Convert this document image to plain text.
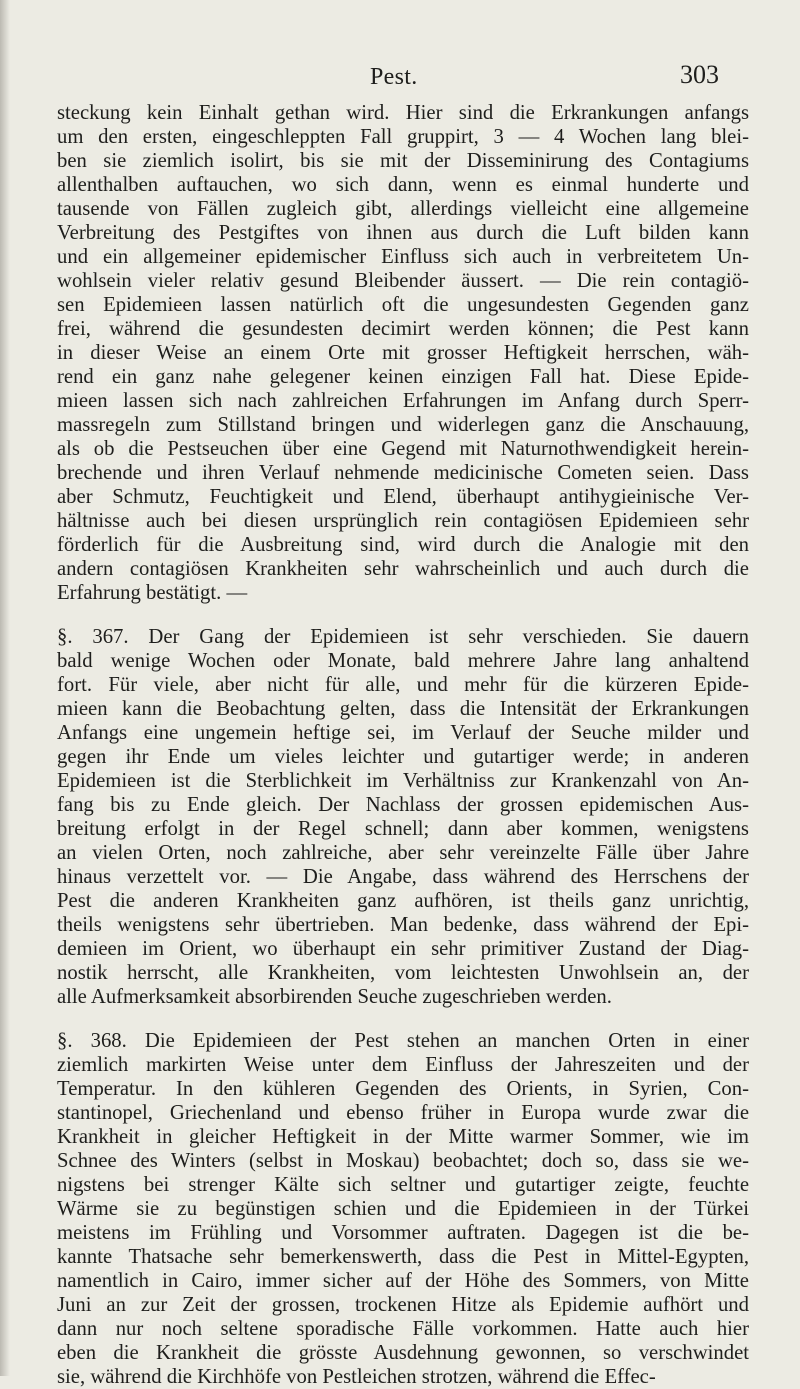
Pest.	303
steckung kein Einhalt gethan wird. Hier sind die Erkrankungen anfangs
um den ersten, eingeschleppten Fall gruppirt, 3 — 4 Wochen lang blei-
ben sie ziemlich isolirt, bis sie mit der Disseminirung des Contagiums
allenthalben auftauchen, wo sich dann, wenn es einmal hunderte und
tausende von Fällen zugleich gibt, allerdings vielleicht eine allgemeine
Verbreitung des Pestgiftes von ihnen aus durch die Luft bilden kann
und ein allgemeiner epidemischer Einfluss sich auch in verbreitetem Un-
wohlsein vieler relativ gesund Bleibender äussert. — Die rein contagiö-
sen Epidemieen lassen natürlich oft die ungesundesten Gegenden ganz
frei, während die gesundesten decimirt werden können; die Pest kann
in dieser Weise an einem Orte mit grosser Heftigkeit herrschen, wäh-
rend ein ganz nahe gelegener keinen einzigen Fall hat. Diese Epide-
mieen lassen sich nach zahlreichen Erfahrungen im Anfang durch Sperr-
massregeln zum Stillstand bringen und widerlegen ganz die Anschauung,
als ob die Pestseuchen über eine Gegend mit Naturnothwendigkeit herein-
brechende und ihren Verlauf nehmende medicinische Cometen seien. Dass
aber Schmutz, Feuchtigkeit und Elend, überhaupt antihygieinische Ver-
hältnisse auch bei diesen ursprünglich rein contagiösen Epidemieen sehr
förderlich für die Ausbreitung sind, wird durch die Analogie mit den
andern contagiösen Krankheiten sehr wahrscheinlich und auch durch die
Erfahrung bestätigt. —
§. 367. Der Gang der Epidemieen ist sehr verschieden. Sie dauern
bald wenige Wochen oder Monate, bald mehrere Jahre lang anhaltend
fort. Für viele, aber nicht für alle, und mehr für die kürzeren Epide-
mieen kann die Beobachtung gelten, dass die Intensität der Erkrankungen
Anfangs eine ungemein heftige sei, im Verlauf der Seuche milder und
gegen ihr Ende um vieles leichter und gutartiger werde; in anderen
Epidemieen ist die Sterblichkeit im Verhältniss zur Krankenzahl von An-
fang bis zu Ende gleich. Der Nachlass der grossen epidemischen Aus-
breitung erfolgt in der Regel schnell; dann aber kommen, wenigstens
an vielen Orten, noch zahlreiche, aber sehr vereinzelte Fälle über Jahre
hinaus verzettelt vor. — Die Angabe, dass während des Herrschens der
Pest die anderen Krankheiten ganz aufhören, ist theils ganz unrichtig,
theils wenigstens sehr übertrieben. Man bedenke, dass während der Epi-
demieen im Orient, wo überhaupt ein sehr primitiver Zustand der Diag-
nostik herrscht, alle Krankheiten, vom leichtesten Unwohlsein an, der
alle Aufmerksamkeit absorbirenden Seuche zugeschrieben werden.
§. 368. Die Epidemieen der Pest stehen an manchen Orten in einer
ziemlich markirten Weise unter dem Einfluss der Jahreszeiten und der
Temperatur. In den kühleren Gegenden des Orients, in Syrien, Con-
stantinopel, Griechenland und ebenso früher in Europa wurde zwar die
Krankheit in gleicher Heftigkeit in der Mitte warmer Sommer, wie im
Schnee des Winters (selbst in Moskau) beobachtet; doch so, dass sie we-
nigstens bei strenger Kälte sich seltner und gutartiger zeigte, feuchte
Wärme sie zu begünstigen schien und die Epidemieen in der Türkei
meistens im Frühling und Vorsommer auftraten. Dagegen ist die be-
kannte Thatsache sehr bemerkenswerth, dass die Pest in Mittel-Egypten,
namentlich in Cairo, immer sicher auf der Höhe des Sommers, von Mitte
Juni an zur Zeit der grossen, trockenen Hitze als Epidemie aufhört und
dann nur noch seltene sporadische Fälle vorkommen. Hatte auch hier
eben die Krankheit die grösste Ausdehnung gewonnen, so verschwindet
sie, während die Kirchhöfe von Pestleichen strotzen, während die Effec-
